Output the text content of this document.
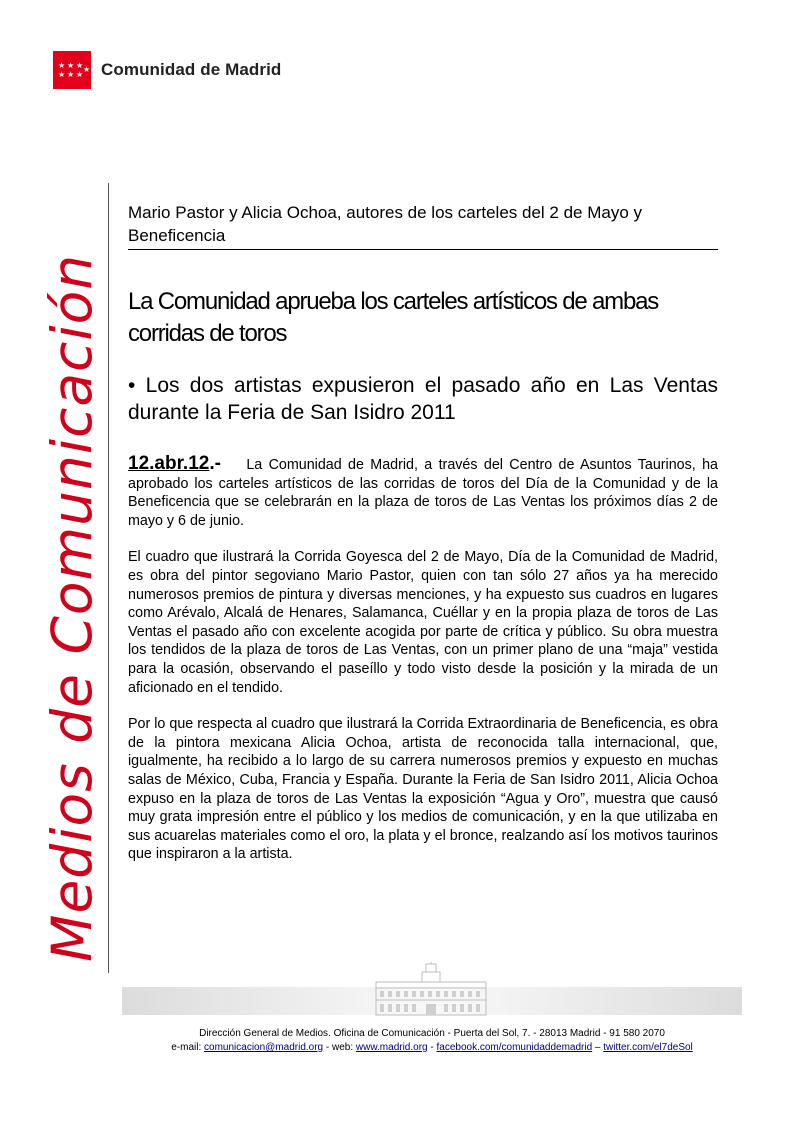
★ ★ ★
★ ★ ★
★ Comunidad de Madrid
Medios de Comunicación
Mario Pastor y Alicia Ochoa, autores de los carteles del 2 de Mayo y Beneficencia
La Comunidad aprueba los carteles artísticos de ambas corridas de toros
• Los dos artistas expusieron el pasado año en Las Ventas durante la Feria de San Isidro 2011

12.abr.12.- La Comunidad de Madrid, a través del Centro de Asuntos Taurinos, ha aprobado los carteles artísticos de las corridas de toros del Día de la Comunidad y de la Beneficencia que se celebrarán en la plaza de toros de Las Ventas los próximos días 2 de mayo y 6 de junio.

El cuadro que ilustrará la Corrida Goyesca del 2 de Mayo, Día de la Comunidad de Madrid, es obra del pintor segoviano Mario Pastor, quien con tan sólo 27 años ya ha merecido numerosos premios de pintura y diversas menciones, y ha expuesto sus cuadros en lugares como Arévalo, Alcalá de Henares, Salamanca, Cuéllar y en la propia plaza de toros de Las Ventas el pasado año con excelente acogida por parte de crítica y público. Su obra muestra los tendidos de la plaza de toros de Las Ventas, con un primer plano de una “maja” vestida para la ocasión, observando el paseíllo y todo visto desde la posición y la mirada de un aficionado en el tendido.

Por lo que respecta al cuadro que ilustrará la Corrida Extraordinaria de Beneficencia, es obra de la pintora mexicana Alicia Ochoa, artista de reconocida talla internacional, que, igualmente, ha recibido a lo largo de su carrera numerosos premios y expuesto en muchas salas de México, Cuba, Francia y España. Durante la Feria de San Isidro 2011, Alicia Ochoa expuso en la plaza de toros de Las Ventas la exposición “Agua y Oro”, muestra que causó muy grata impresión entre el público y los medios de comunicación, y en la que utilizaba en sus acuarelas materiales como el oro, la plata y el bronce, realzando así los motivos taurinos que inspiraron a la artista.

Dirección General de Medios. Oficina de Comunicación - Puerta del Sol, 7. - 28013 Madrid - 91 580 2070
e-mail: comunicacion@madrid.org - web: www.madrid.org - facebook.com/comunidaddemadrid – twitter.com/el7deSol
